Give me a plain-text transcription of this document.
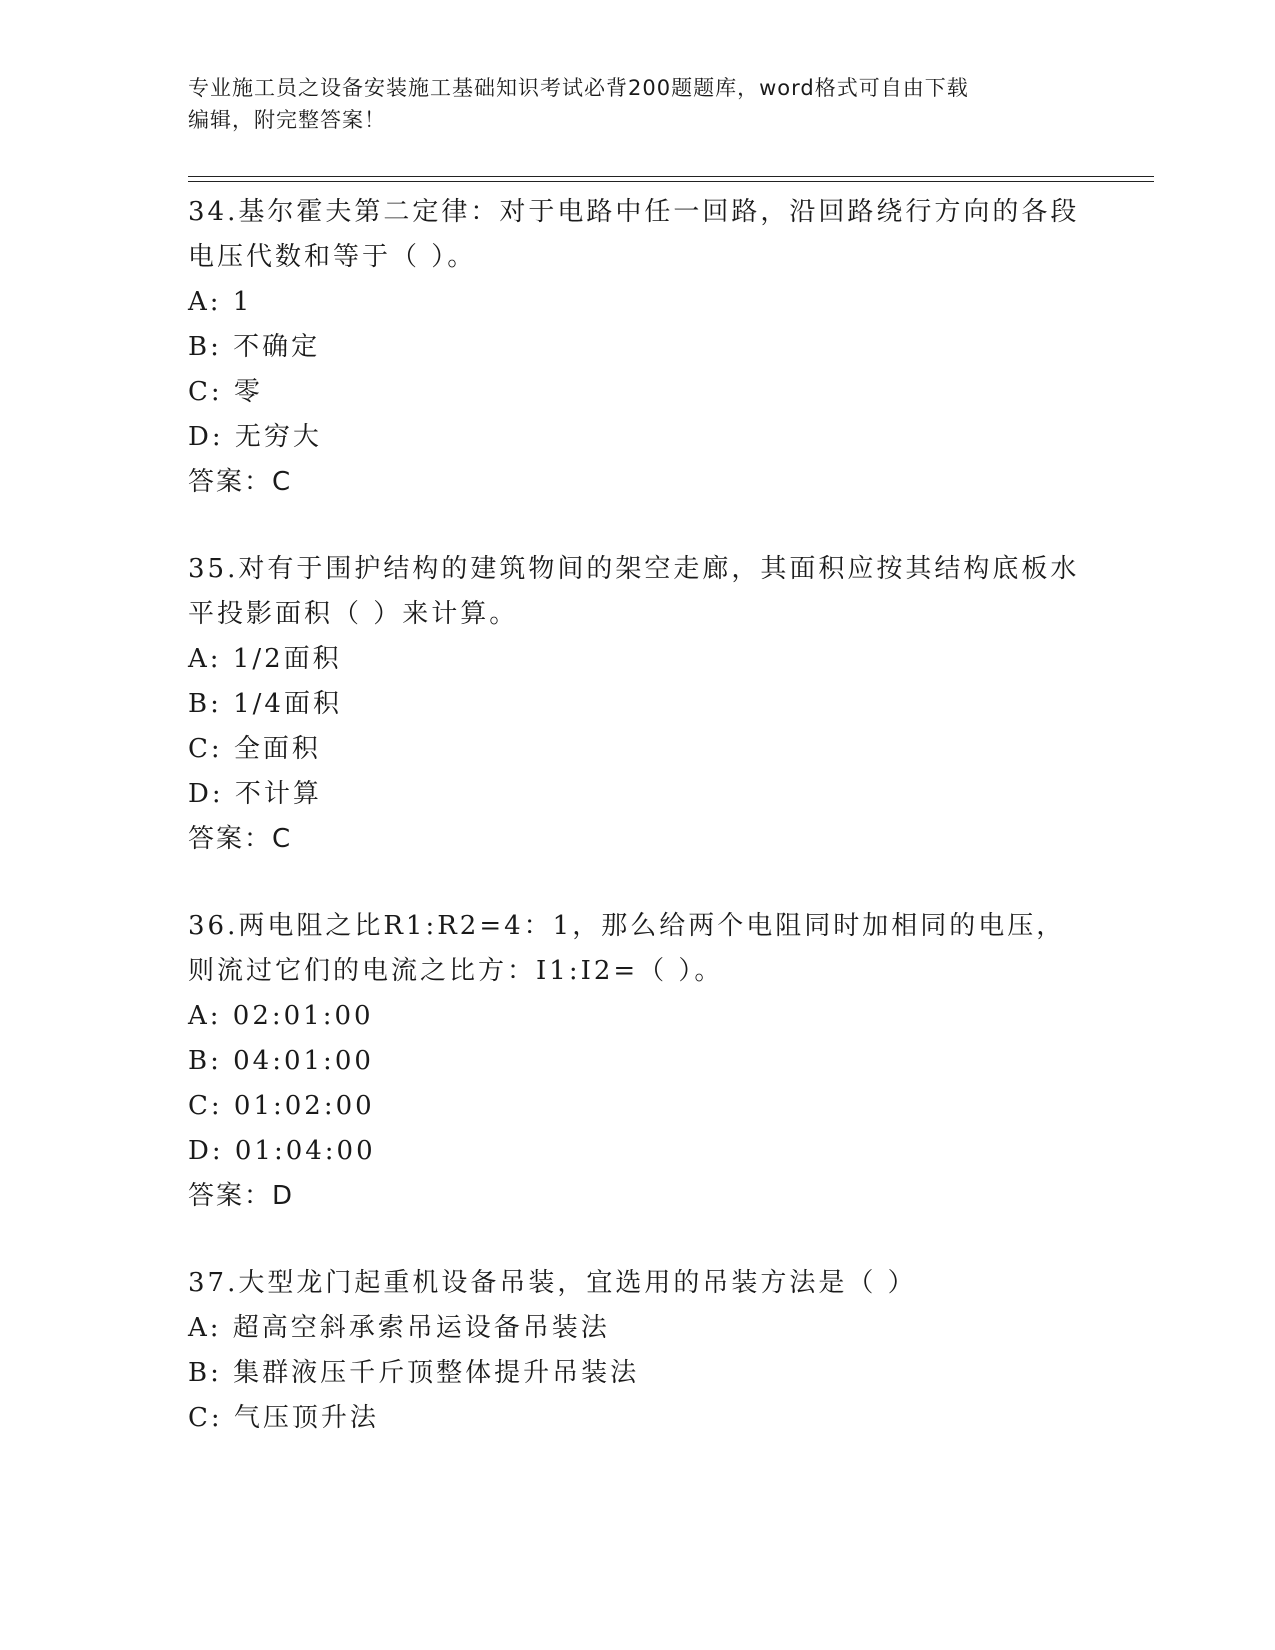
专业施工员之设备安装施工基础知识考试必背200题题库，word格式可自由下载
编辑，附完整答案！

34.基尔霍夫第二定律：对于电路中任一回路，沿回路绕行方向的各段电压代数和等于（ ）。

A: 1

B: 不确定

C: 零

D: 无穷大

答案：C

35.对有于围护结构的建筑物间的架空走廊，其面积应按其结构底板水平投影面积（ ）来计算。

A: 1/2面积

B: 1/4面积

C: 全面积

D: 不计算

答案：C

36.两电阻之比R1:R2=4：1，那么给两个电阻同时加相同的电压，则流过它们的电流之比方：I1:I2=（ ）。

A: 02:01:00

B: 04:01:00

C: 01:02:00

D: 01:04:00

答案：D

37.大型龙门起重机设备吊装，宜选用的吊装方法是（ ）

A: 超高空斜承索吊运设备吊装法

B: 集群液压千斤顶整体提升吊装法

C: 气压顶升法
